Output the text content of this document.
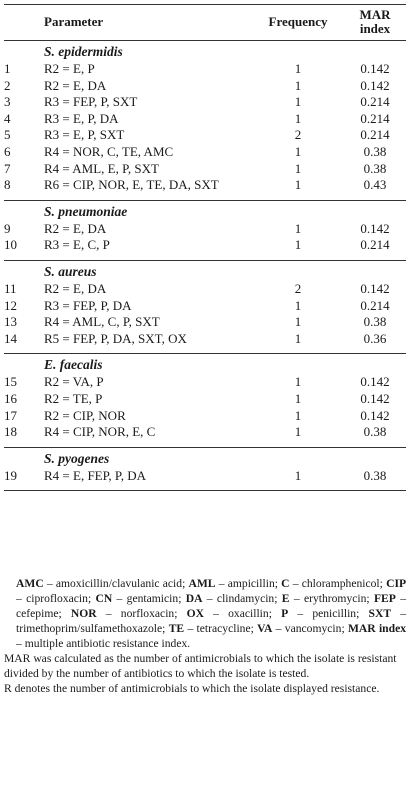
Parameter		Frequency	MAR
index
S. epidermidis			
1	R2 = E, P	1	0.142
2	R2 = E, DA	1	0.142
3	R3 = FEP, P, SXT	1	0.214
4	R3 = E, P, DA	1	0.214
5	R3 = E, P, SXT	2	0.214
6	R4 = NOR, C, TE, AMC	1	0.38
7	R4 = AML, E, P, SXT	1	0.38
8	R6 = CIP, NOR, E, TE, DA, SXT	1	0.43
S. pneumoniae			
9	R2 = E, DA	1	0.142
10	R3 = E, C, P	1	0.214
S. aureus			
11	R2 = E, DA	2	0.142
12	R3 = FEP, P, DA	1	0.214
13	R4 = AML, C, P, SXT	1	0.38
14	R5 = FEP, P, DA, SXT, OX	1	0.36
E. faecalis			
15	R2 = VA, P	1	0.142
16	R2 = TE, P	1	0.142
17	R2 = CIP, NOR	1	0.142
18	R4 = CIP, NOR, E, C	1	0.38
S. pyogenes			
19	R4 = E, FEP, P, DA	1	0.38
AMC – amoxicillin/clavulanic acid; AML – ampicillin; C – chloramphenicol; CIP – ciprofloxacin; CN – gentamicin; DA – clindamycin; E – erythromycin; FEP – cefepime; NOR – norfloxacin; OX – oxacillin; P – penicillin; SXT – trimethoprim/sulfamethoxazole; TE – tetracycline; VA – vancomycin; MAR index – multiple antibiotic resistance index.
MAR was calculated as the number of antimicrobials to which the isolate is resistant divided by the number of antibiotics to which the isolate is tested.
R denotes the number of antimicrobials to which the isolate displayed resistance.
